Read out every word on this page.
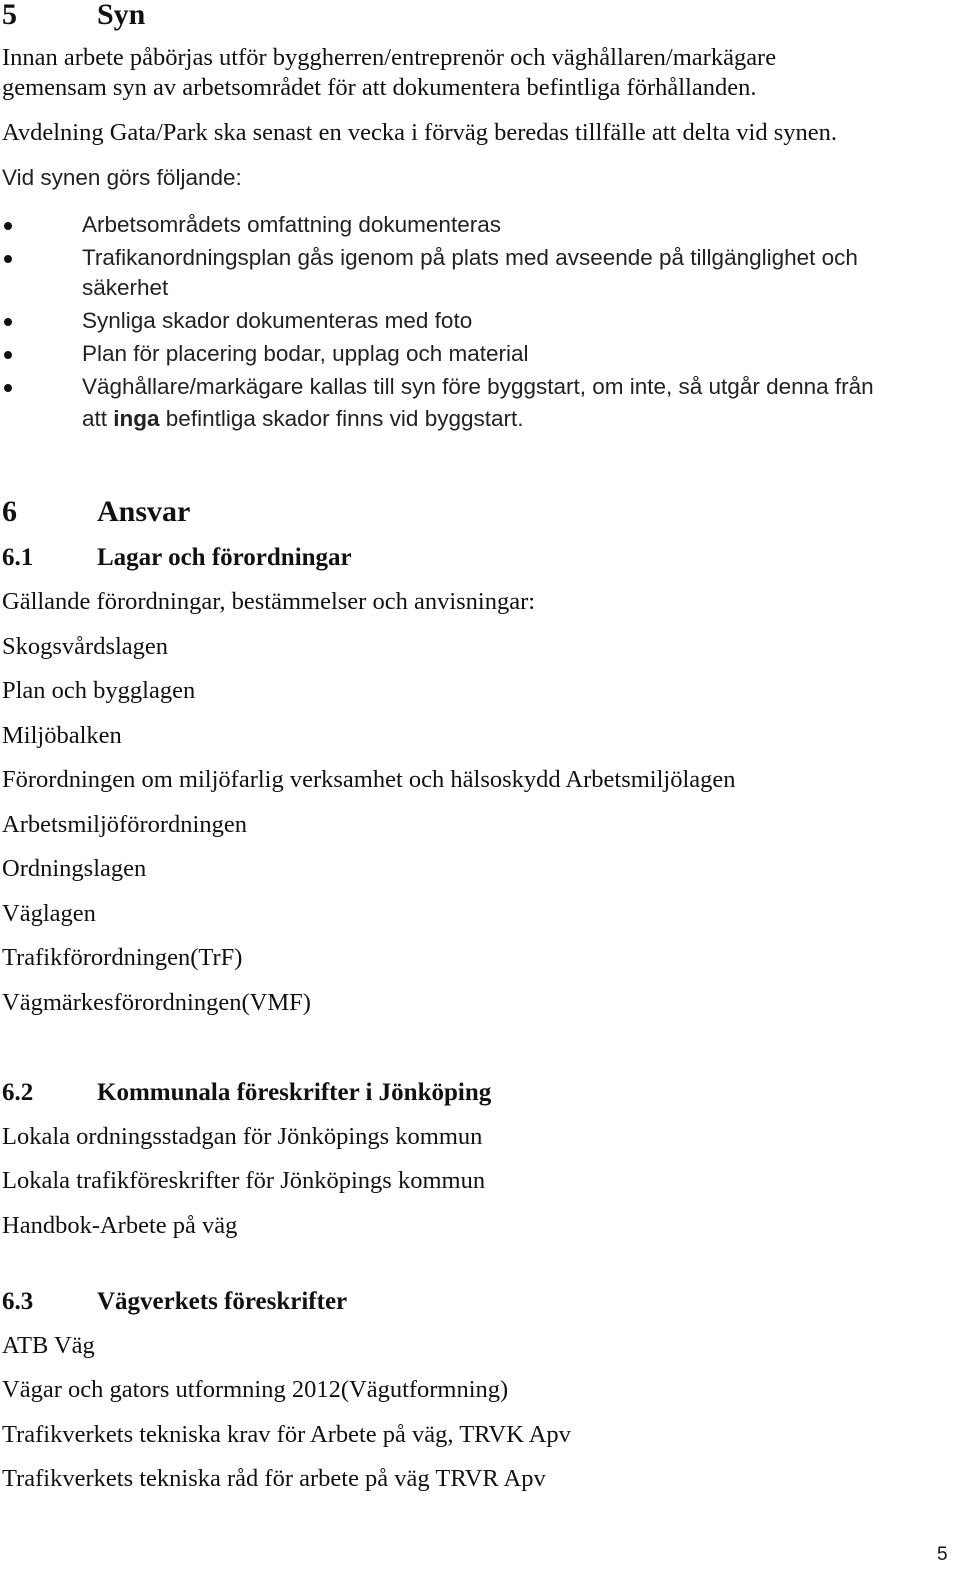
5	Syn
Innan arbete påbörjas utför byggherren/entreprenör och väghållaren/markägare
gemensam syn av arbetsområdet för att dokumentera befintliga förhållanden.
Avdelning Gata/Park ska senast en vecka i förväg beredas tillfälle att delta vid synen.
Vid synen görs följande:
Arbetsområdets omfattning dokumenteras
Trafikanordningsplan gås igenom på plats med avseende på tillgänglighet och
säkerhet
Synliga skador dokumenteras med foto
Plan för placering bodar, upplag och material
Väghållare/markägare kallas till syn före byggstart, om inte, så utgår denna från
att inga befintliga skador finns vid byggstart.
6	Ansvar
6.1	Lagar och förordningar
Gällande förordningar, bestämmelser och anvisningar:
Skogsvårdslagen
Plan och bygglagen
Miljöbalken
Förordningen om miljöfarlig verksamhet och hälsoskydd Arbetsmiljölagen
Arbetsmiljöförordningen
Ordningslagen
Väglagen
Trafikförordningen(TrF)
Vägmärkesförordningen(VMF)
6.2	Kommunala föreskrifter i Jönköping
Lokala ordningsstadgan för Jönköpings kommun
Lokala trafikföreskrifter för Jönköpings kommun
Handbok-Arbete på väg
6.3	Vägverkets föreskrifter
ATB Väg
Vägar och gators utformning 2012(Vägutformning)
Trafikverkets tekniska krav för Arbete på väg, TRVK Apv
Trafikverkets tekniska råd för arbete på väg TRVR Apv
5
